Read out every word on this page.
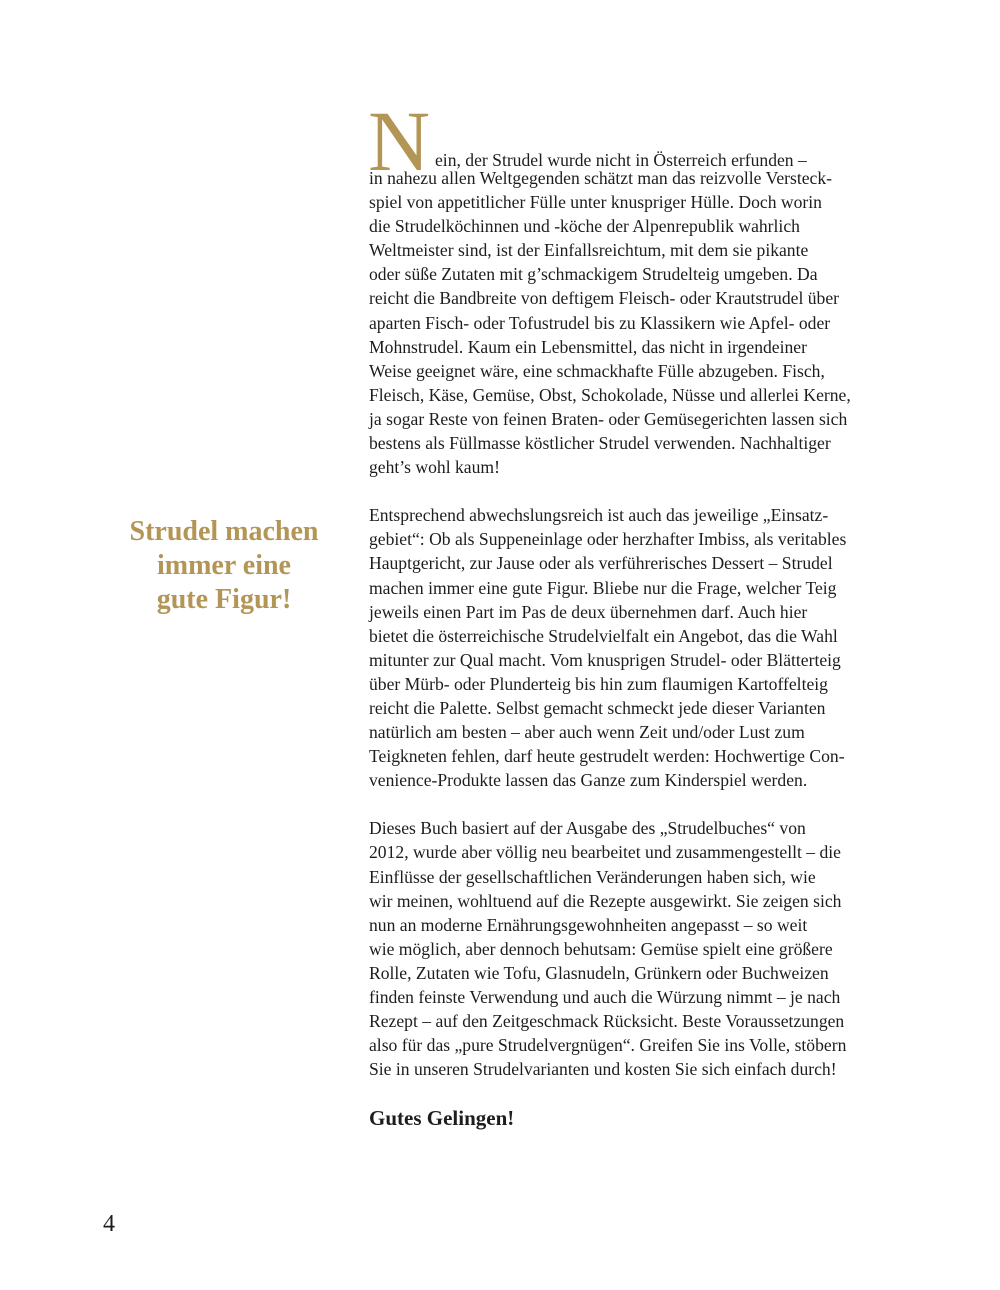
Strudel machen
immer eine
gute Figur!

N ein, der Strudel wurde nicht in Österreich erfunden –
in nahezu allen Weltgegenden schätzt man das reizvolle Versteck-
spiel von appetitlicher Fülle unter knuspriger Hülle. Doch worin
die Strudelköchinnen und -köche der Alpenrepublik wahrlich
Weltmeister sind, ist der Einfallsreichtum, mit dem sie pikante
oder süße Zutaten mit g’schmackigem Strudelteig umgeben. Da
reicht die Bandbreite von deftigem Fleisch- oder Krautstrudel über
aparten Fisch- oder Tofustrudel bis zu Klassikern wie Apfel- oder
Mohnstrudel. Kaum ein Lebensmittel, das nicht in irgendeiner
Weise geeignet wäre, eine schmackhafte Fülle abzugeben. Fisch,
Fleisch, Käse, Gemüse, Obst, Schokolade, Nüsse und allerlei Kerne,
ja sogar Reste von feinen Braten- oder Gemüsegerichten lassen sich
bestens als Füllmasse köstlicher Strudel verwenden. Nachhaltiger
geht’s wohl kaum!

Entsprechend abwechslungsreich ist auch das jeweilige „Einsatz-
gebiet“: Ob als Suppeneinlage oder herzhafter Imbiss, als veritables
Hauptgericht, zur Jause oder als verführerisches Dessert – Strudel
machen immer eine gute Figur. Bliebe nur die Frage, welcher Teig
jeweils einen Part im Pas de deux übernehmen darf. Auch hier
bietet die österreichische Strudelvielfalt ein Angebot, das die Wahl
mitunter zur Qual macht. Vom knusprigen Strudel- oder Blätterteig
über Mürb- oder Plunderteig bis hin zum flaumigen Kartoffelteig
reicht die Palette. Selbst gemacht schmeckt jede dieser Varianten
natürlich am besten – aber auch wenn Zeit und/oder Lust zum
Teigkneten fehlen, darf heute gestrudelt werden: Hochwertige Con-
venience-Produkte lassen das Ganze zum Kinderspiel werden.

Dieses Buch basiert auf der Ausgabe des „Strudelbuches“ von
2012, wurde aber völlig neu bearbeitet und zusammengestellt – die
Einflüsse der gesellschaftlichen Veränderungen haben sich, wie
wir meinen, wohltuend auf die Rezepte ausgewirkt. Sie zeigen sich
nun an moderne Ernährungsgewohnheiten angepasst – so weit
wie möglich, aber dennoch behutsam: Gemüse spielt eine größere
Rolle, Zutaten wie Tofu, Glasnudeln, Grünkern oder Buchweizen
finden feinste Verwendung und auch die Würzung nimmt – je nach
Rezept – auf den Zeitgeschmack Rücksicht. Beste Voraussetzungen
also für das „pure Strudelvergnügen“. Greifen Sie ins Volle, stöbern
Sie in unseren Strudelvarianten und kosten Sie sich einfach durch!

Gutes Gelingen!

4
